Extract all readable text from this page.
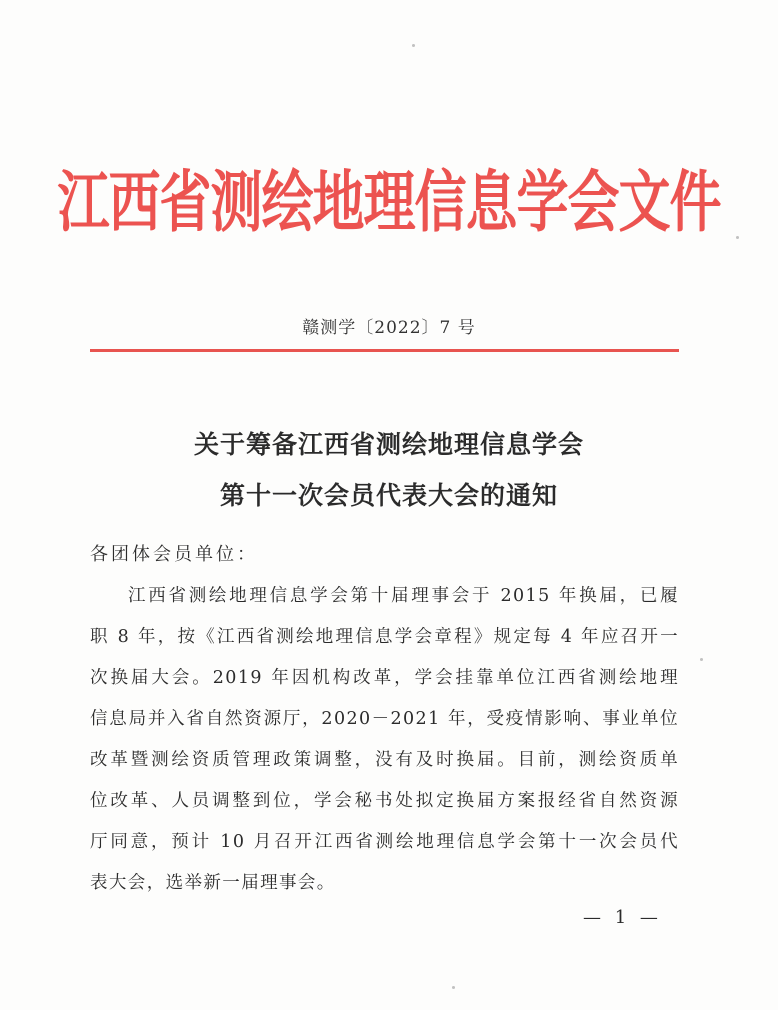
江西省测绘地理信息学会文件
赣测学〔2022〕7 号
关于筹备江西省测绘地理信息学会
第十一次会员代表大会的通知
各团体会员单位：
江西省测绘地理信息学会第十届理事会于 2015 年换届，已履
职 8 年，按《江西省测绘地理信息学会章程》规定每 4 年应召开一
次换届大会。2019 年因机构改革，学会挂靠单位江西省测绘地理
信息局并入省自然资源厅，2020－2021 年，受疫情影响、事业单位
改革暨测绘资质管理政策调整，没有及时换届。目前，测绘资质单
位改革、人员调整到位，学会秘书处拟定换届方案报经省自然资源
厅同意，预计 10 月召开江西省测绘地理信息学会第十一次会员代
表大会，选举新一届理事会。
— 1 —
